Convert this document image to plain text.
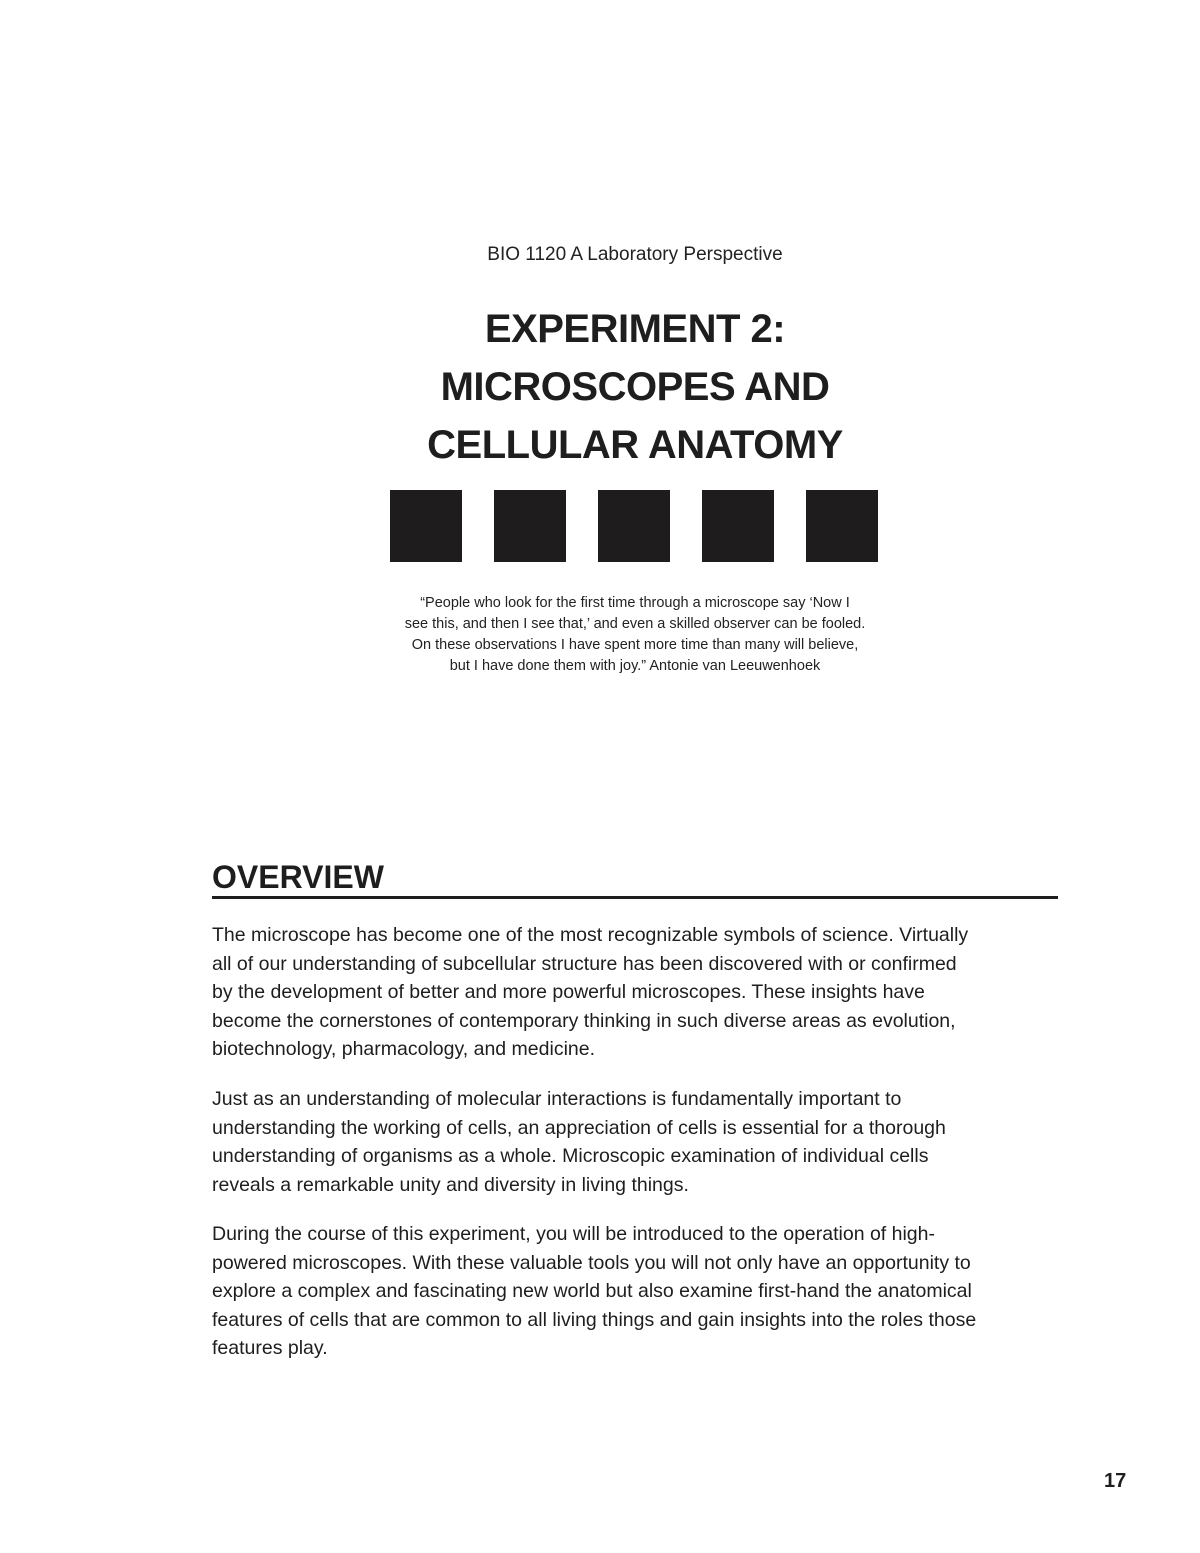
BIO 1120 A Laboratory Perspective
EXPERIMENT 2:
MICROSCOPES AND
CELLULAR ANATOMY
“People who look for the first time through a microscope say ‘Now I
see this, and then I see that,’ and even a skilled observer can be fooled.
On these observations I have spent more time than many will believe,
but I have done them with joy.” Antonie van Leeuwenhoek
OVERVIEW
The microscope has become one of the most recognizable symbols of science. Virtually
all of our understanding of subcellular structure has been discovered with or confirmed
by the development of better and more powerful microscopes. These insights have
become the cornerstones of contemporary thinking in such diverse areas as evolution,
biotechnology, pharmacology, and medicine.
Just as an understanding of molecular interactions is fundamentally important to
understanding the working of cells, an appreciation of cells is essential for a thorough
understanding of organisms as a whole. Microscopic examination of individual cells
reveals a remarkable unity and diversity in living things.
During the course of this experiment, you will be introduced to the operation of high-
powered microscopes. With these valuable tools you will not only have an opportunity to
explore a complex and fascinating new world but also examine first-hand the anatomical
features of cells that are common to all living things and gain insights into the roles those
features play.
17
